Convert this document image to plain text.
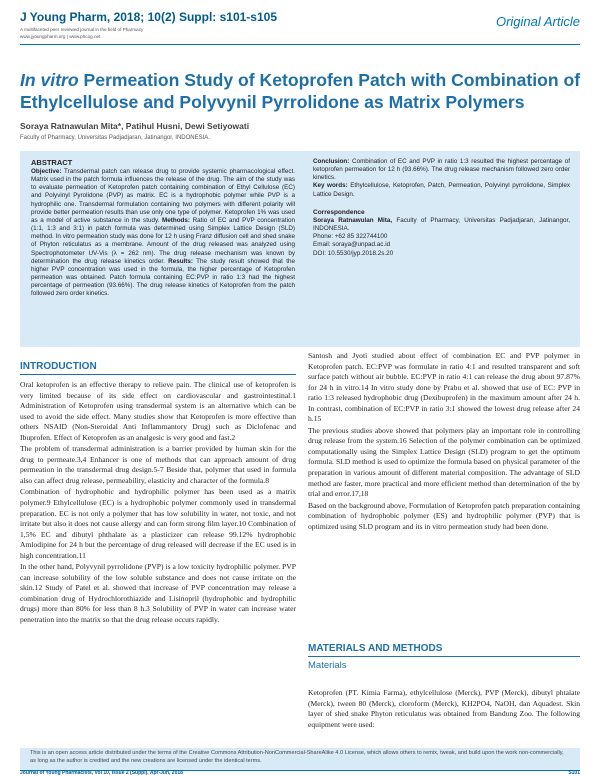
J Young Pharm, 2018; 10(2) Suppl: s101-s105
A multifaceted peer reviewed journal in the field of Pharmacy
www.jyoungpharm.org | www.phcog.net
Original Article
In vitro Permeation Study of Ketoprofen Patch with Combination of Ethylcellulose and Polyvynil Pyrrolidone as Matrix Polymers
Soraya Ratnawulan Mita*, Patihul Husni, Dewi Setiyowati
Faculty of Pharmacy, Universitas Padjadjaran, Jatinangor, INDONESIA.
ABSTRACT
Objective: Transdermal patch can release drug to provide systemic pharmacological effect. Matrix used in the patch formula influences the release of the drug. The aim of the study was to evaluate permeation of Ketoprofen patch containing combination of Ethyl Cellulose (EC) and Polyvinyl Pyrolidone (PVP) as matrix. EC is a hydrophobic polymer while PVP is a hydrophilic one. Transdermal formulation containing two polymers with different polarity will provide better permeation results than use only one type of polymer. Ketoprofen 1% was used as a model of active substance in the study. Methods: Ratio of EC and PVP concentration (1:1, 1:3 and 3:1) in patch formula was determined using Simplex Lattice Design (SLD) method. In vitro permeation study was done for 12 h using Franz diffusion cell and shed snake of Phyton reticulatus as a membrane. Amount of the drug released was analyzed using Spectrophotometer UV-Vis (λ = 262 nm). The drug release mechanism was known by determination the drug release kinetics order. Results: The study result showed that the higher PVP concentration was used in the formula, the higher percentage of Ketoprofen permeation was obtained. Patch formula containing EC:PVP in ratio 1:3 had the highest percentage of permeation (93.66%). The drug release kinetics of Ketoprofen from the patch followed zero order kinetics.
Conclusion: Combination of EC and PVP in ratio 1:3 resulted the highest percentage of ketoprofen permeation for 12 h (93.66%). The drug release mechanism followed zero order kinetics.
Key words: Ethylcellulose, Ketoprofen, Patch, Permeation, Polyvinyl pyrrolidone, Simplex Lattice Design.
Correspondence
Soraya Ratnawulan Mita, Faculty of Pharmacy, Universitas Padjadjaran, Jatinangor, INDONESIA.
Phone: +62 85 322744100
Email: soraya@unpad.ac.id
DOI: 10.5530/jyp.2018.2s.20
INTRODUCTION

Oral ketoprofen is an effective therapy to relieve pain. The clinical use of ketoprofen is very limited because of its side effect on cardiovascular and gastrointestinal.1 Administration of Ketoprofen using transdermal system is an alternative which can be used to avoid the side effect. Many studies show that Ketoprofen is more effective than others NSAID (Non-Steroidal Anti Inflammantory Drug) such as Diclofenac and Ibuprofen. Effect of Ketoprofen as an analgesic is very good and fast.2

The problem of transdermal administration is a barrier provided by human skin for the drug to permeate.3,4 Enhancer is one of methods that can approach amount of drug permeation in the transdermal drug design.5-7 Beside that, polymer that used in formula also can affect drug release, permeability, elasticity and character of the formula.8

Combination of hydrophobic and hydrophilic polymer has been used as a matrix polymer.9 Ethylcellulose (EC) is a hydrophobic polymer commonly used in transdermal preparation. EC is not only a polymer that has low solubility in water, not toxic, and not irritate but also it does not cause allergy and can form strong film layer.10 Combination of 1,5% EC and dibutyl phthalate as a plasticizer can release 99.12% hydrophobic Amlodipine for 24 h but the percentage of drug released will decrease if the EC used is in high concentration.11

In the other hand, Polyvynil pyrrolidone (PVP) is a low toxicity hydrophilic polymer. PVP can increase solubility of the low soluble substance and does not cause irritate on the skin.12 Study of Patel et al. showed that increase of PVP concentration may release a combination drug of Hydrochlorothiazide and Lisinopril (hydrophobic and hydrophilic drugs) more than 80% for less than 8 h.3 Solubility of PVP in water can increase water penetration into the matrix so that the drug release occurs rapidly.

Santosh and Jyoti studied about effect of combination EC and PVP polymer in Ketoprofen patch. EC:PVP was formulate in ratio 4:1 and resulted transparent and soft surface patch without air bubble. EC:PVP in ratio 4:1 can release the drug about 97.87% for 24 h in vitro.14 In vitro study done by Prabu et al. showed that use of EC: PVP in ratio 1:3 released hydrophobic drug (Dexibuprofen) in the maximum amount after 24 h. In contrast, combination of EC:PVP in ratio 3:1 showed the lowest drug release after 24 h.15

The previous studies above showed that polymers play an important role in controlling drug release from the system.16 Selection of the polymer combination can be optimized computationally using the Simplex Lattice Design (SLD) program to get the optimum formula. SLD method is used to optimize the formula based on physical parameter of the preparation in various amount of different material composition. The advantage of SLD method are faster, more practical and more efficient method than determination of the by trial and error.17,18

Based on the background above, Formulation of Ketoprofen patch preparation containing combination of hydrophobic polymer (ES) and hydrophilic polymer (PVP) that is optimized using SLD program and its in vitro permeation study had been done.

MATERIALS AND METHODS
Materials
Ketoprofen (PT. Kimia Farma), ethylcellulose (Merck), PVP (Merck), dibutyl phtalate (Merck), tween 80 (Merck), cloroform (Merck), KH2PO4, NaOH, dan Aquadest. Skin layer of shed snake Phyton reticulatus was obtained from Bandung Zoo. The following equipment were used:
This is an open access article distributed under the terms of the Creative Commons Attribution-NonCommercial-ShareAlike 4.0 License, which allows others to remix, tweak, and build upon the work non-commercially, as long as the author is credited and the new creations are licensed under the identical terms.
Journal of Young Pharmacists, Vol 10, Issue 2 (Suppl), Apr-Jun, 2018	S101
